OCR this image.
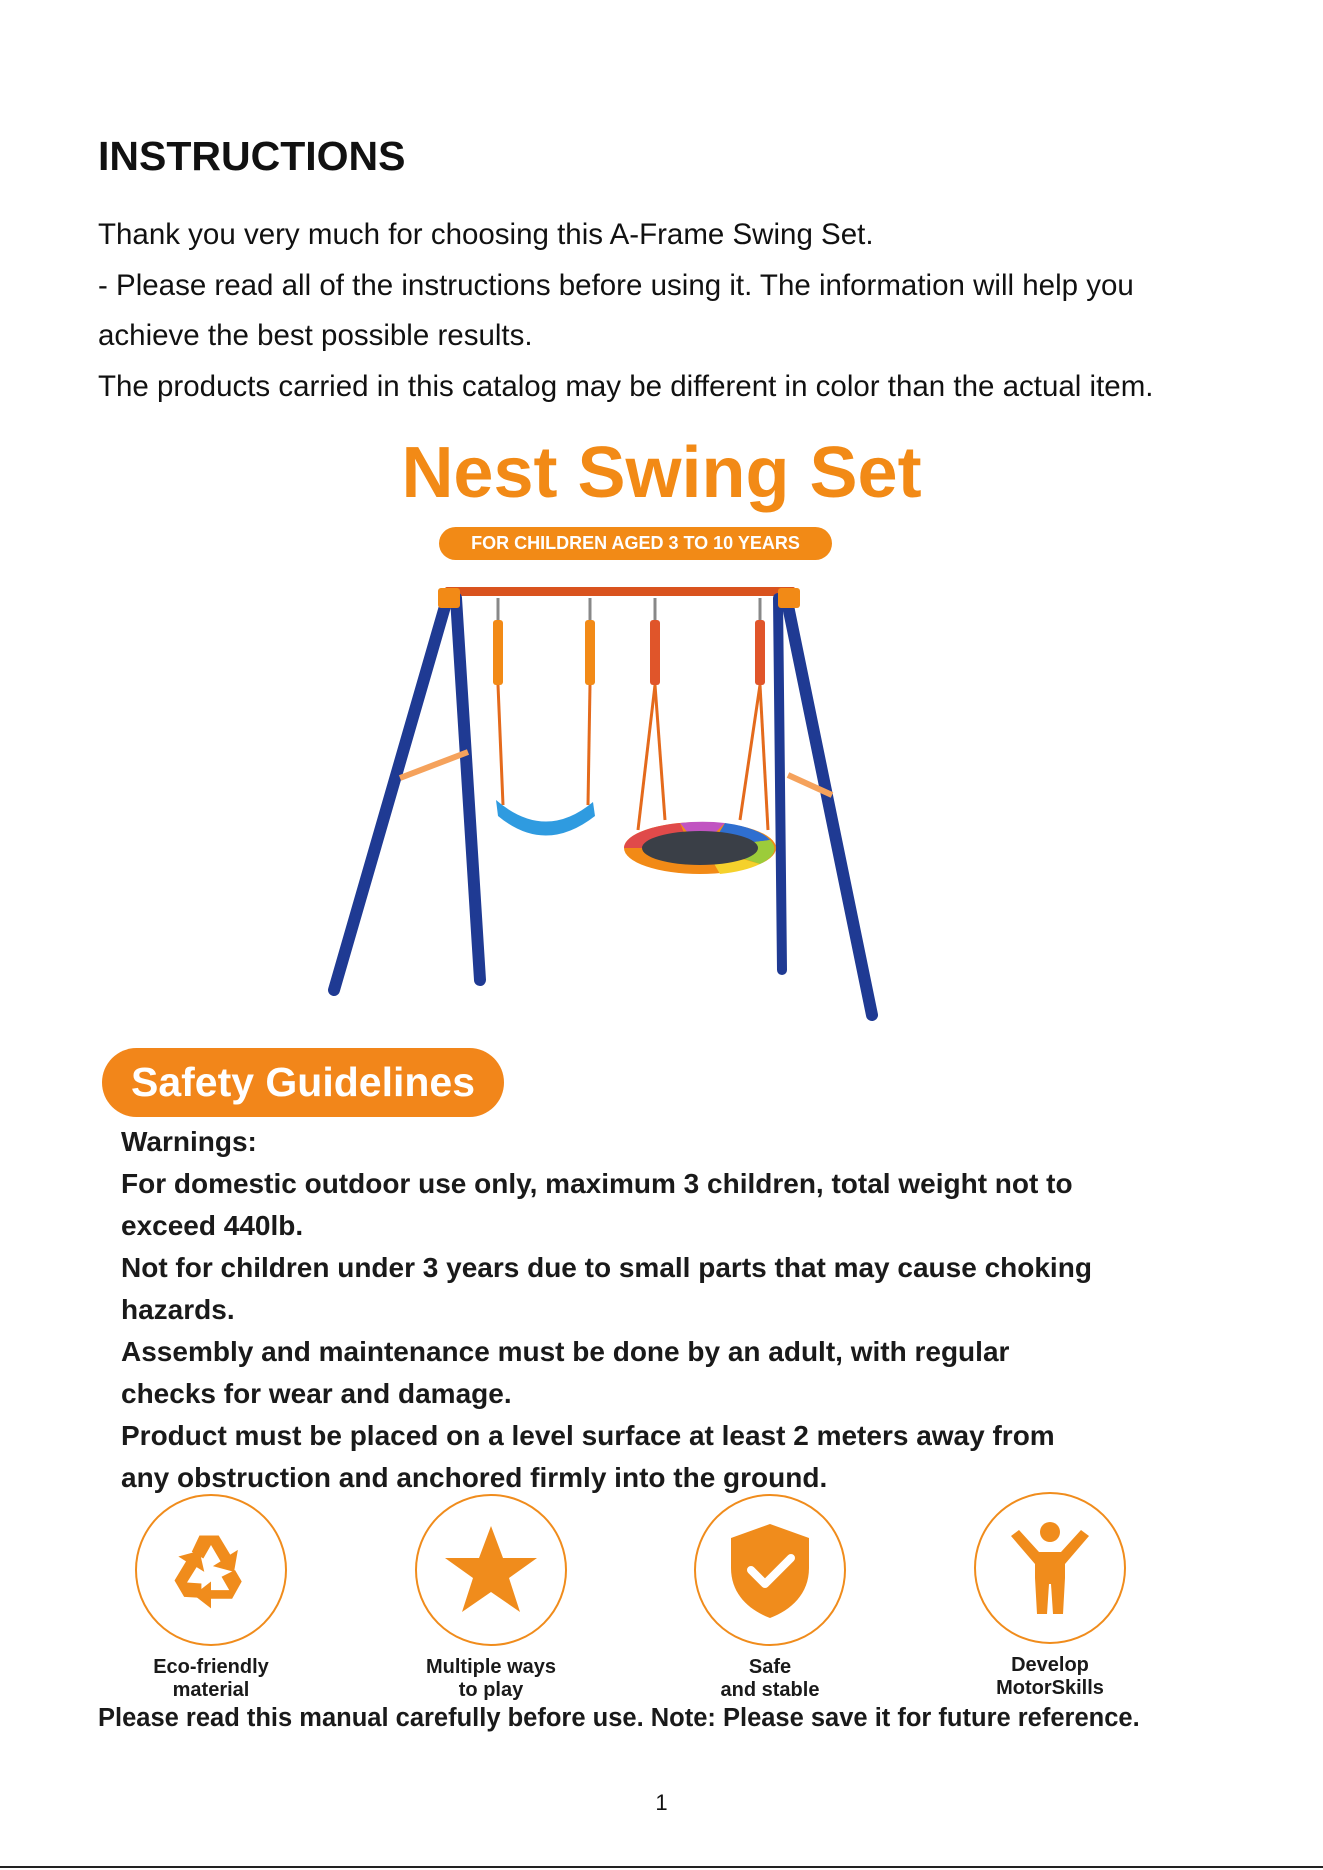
INSTRUCTIONS

Thank you very much for choosing this A-Frame Swing Set.

- Please read all of the instructions before using it. The information will help you

achieve the best possible results.

The products carried in this catalog may be different in color than the actual item.

Nest Swing Set
FOR CHILDREN AGED 3 TO 10 YEARS
Safety Guidelines

Warnings:

For domestic outdoor use only, maximum 3 children, total weight not to

exceed 440lb.

Not for children under 3 years due to small parts that may cause choking

hazards.

Assembly and maintenance must be done by an adult, with regular

checks for wear and damage.

Product must be placed on a level surface at least 2 meters away from

any obstruction and anchored firmly into the ground.

Eco-friendly
material
Multiple ways
to play
Safe
and stable
Develop
MotorSkills
Please read this manual carefully before use. Note: Please save it for future reference.
1
